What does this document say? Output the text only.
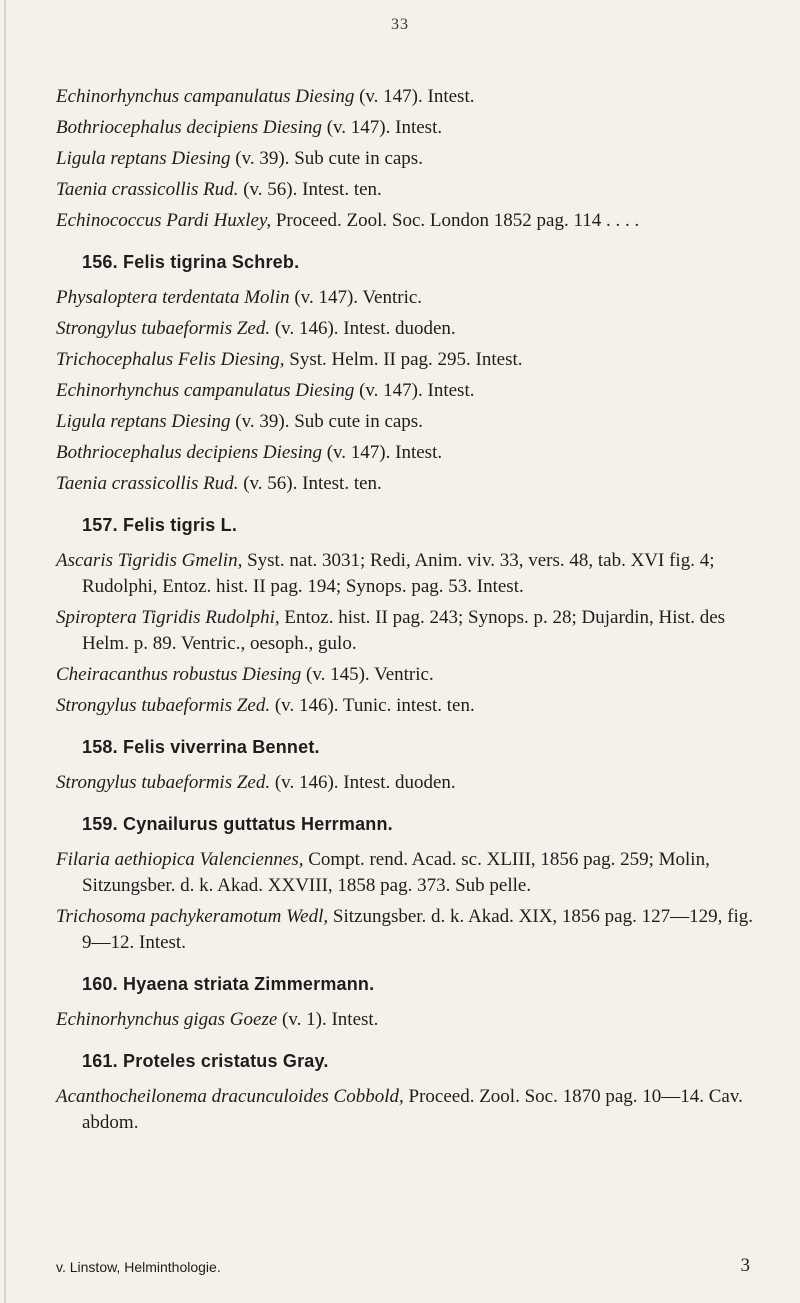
33
Echinorhynchus campanulatus Diesing (v. 147). Intest.
Bothriocephalus decipiens Diesing (v. 147). Intest.
Ligula reptans Diesing (v. 39). Sub cute in caps.
Taenia crassicollis Rud. (v. 56). Intest. ten.
Echinococcus Pardi Huxley, Proceed. Zool. Soc. London 1852 pag. 114 . . . .
156. Felis tigrina Schreb.
Physaloptera terdentata Molin (v. 147). Ventric.
Strongylus tubaeformis Zed. (v. 146). Intest. duoden.
Trichocephalus Felis Diesing, Syst. Helm. II pag. 295. Intest.
Echinorhynchus campanulatus Diesing (v. 147). Intest.
Ligula reptans Diesing (v. 39). Sub cute in caps.
Bothriocephalus decipiens Diesing (v. 147). Intest.
Taenia crassicollis Rud. (v. 56). Intest. ten.
157. Felis tigris L.
Ascaris Tigridis Gmelin, Syst. nat. 3031; Redi, Anim. viv. 33, vers. 48, tab. XVI fig. 4; Rudolphi, Entoz. hist. II pag. 194; Synops. pag. 53. Intest.
Spiroptera Tigridis Rudolphi, Entoz. hist. II pag. 243; Synops. p. 28; Dujardin, Hist. des Helm. p. 89. Ventric., oesoph., gulo.
Cheiracanthus robustus Diesing (v. 145). Ventric.
Strongylus tubaeformis Zed. (v. 146). Tunic. intest. ten.
158. Felis viverrina Bennet.
Strongylus tubaeformis Zed. (v. 146). Intest. duoden.
159. Cynailurus guttatus Herrmann.
Filaria aethiopica Valenciennes, Compt. rend. Acad. sc. XLIII, 1856 pag. 259; Molin, Sitzungsber. d. k. Akad. XXVIII, 1858 pag. 373. Sub pelle.
Trichosoma pachykeramotum Wedl, Sitzungsber. d. k. Akad. XIX, 1856 pag. 127—129, fig. 9—12. Intest.
160. Hyaena striata Zimmermann.
Echinorhynchus gigas Goeze (v. 1). Intest.
161. Proteles cristatus Gray.
Acanthocheilonema dracunculoides Cobbold, Proceed. Zool. Soc. 1870 pag. 10—14. Cav. abdom.
v. Linstow, Helminthologie.	3
